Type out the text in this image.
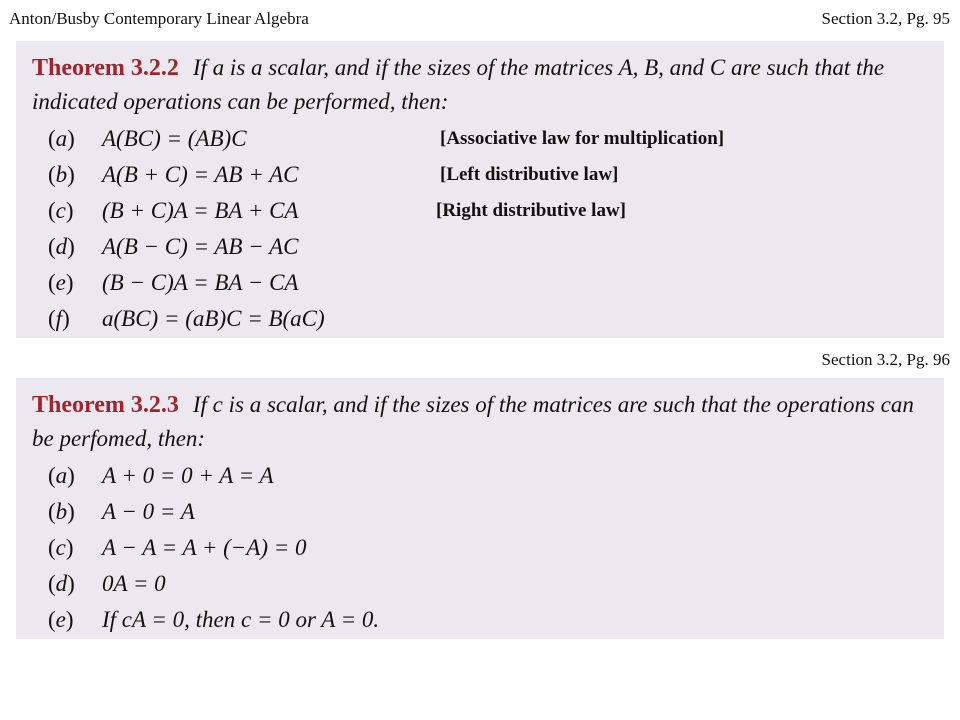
Anton/Busby Contemporary Linear Algebra	Section 3.2, Pg. 95

Theorem 3.2.2 If a is a scalar, and if the sizes of the matrices A, B, and C are such that the indicated operations can be performed, then:

(a) A(BC) = (AB)C	[Associative law for multiplication]
(b) A(B + C) = AB + AC	[Left distributive law]
(c) (B + C)A = BA + CA	[Right distributive law]
(d) A(B − C) = AB − AC
(e) (B − C)A = BA − CA
(f) a(BC) = (aB)C = B(aC)
Section 3.2, Pg. 96

Theorem 3.2.3 If c is a scalar, and if the sizes of the matrices are such that the operations can be perfomed, then:

(a) A + 0 = 0 + A = A
(b) A − 0 = A
(c) A − A = A + (−A) = 0
(d) 0A = 0
(e) If cA = 0, then c = 0 or A = 0.
